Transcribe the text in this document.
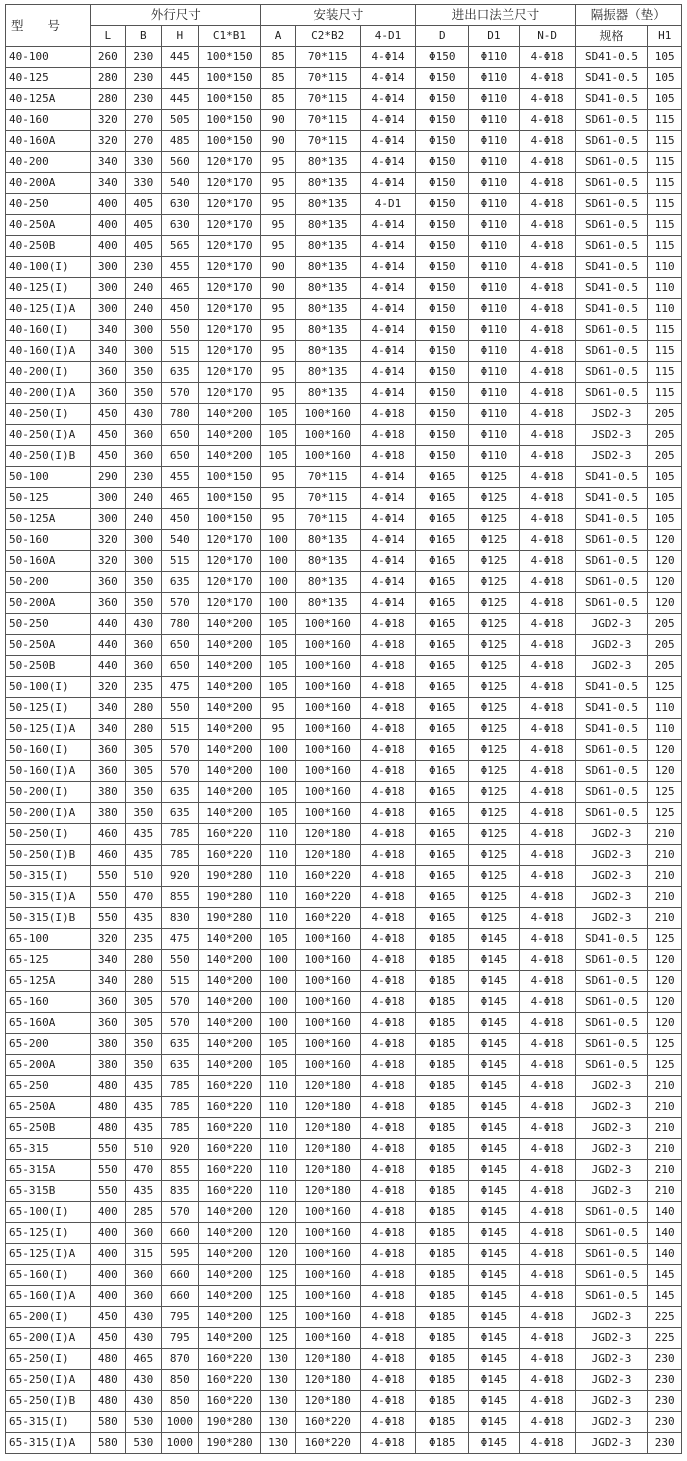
型 号	外行尺寸				安装尺寸			进出口法兰尺寸			隔振器（垫）	
	L	B	H	C1*B1	A	C2*B2	4-D1	D	D1	N-D	规格	H1
40-100	260	230	445	100*150	85	70*115	4-Φ14	Φ150	Φ110	4-Φ18	SD41-0.5	105
40-125	280	230	445	100*150	85	70*115	4-Φ14	Φ150	Φ110	4-Φ18	SD41-0.5	105
40-125A	280	230	445	100*150	85	70*115	4-Φ14	Φ150	Φ110	4-Φ18	SD41-0.5	105
40-160	320	270	505	100*150	90	70*115	4-Φ14	Φ150	Φ110	4-Φ18	SD61-0.5	115
40-160A	320	270	485	100*150	90	70*115	4-Φ14	Φ150	Φ110	4-Φ18	SD61-0.5	115
40-200	340	330	560	120*170	95	80*135	4-Φ14	Φ150	Φ110	4-Φ18	SD61-0.5	115
40-200A	340	330	540	120*170	95	80*135	4-Φ14	Φ150	Φ110	4-Φ18	SD61-0.5	115
40-250	400	405	630	120*170	95	80*135	4-D1	Φ150	Φ110	4-Φ18	SD61-0.5	115
40-250A	400	405	630	120*170	95	80*135	4-Φ14	Φ150	Φ110	4-Φ18	SD61-0.5	115
40-250B	400	405	565	120*170	95	80*135	4-Φ14	Φ150	Φ110	4-Φ18	SD61-0.5	115
40-100(I)	300	230	455	120*170	90	80*135	4-Φ14	Φ150	Φ110	4-Φ18	SD41-0.5	110
40-125(I)	300	240	465	120*170	90	80*135	4-Φ14	Φ150	Φ110	4-Φ18	SD41-0.5	110
40-125(I)A	300	240	450	120*170	95	80*135	4-Φ14	Φ150	Φ110	4-Φ18	SD41-0.5	110
40-160(I)	340	300	550	120*170	95	80*135	4-Φ14	Φ150	Φ110	4-Φ18	SD61-0.5	115
40-160(I)A	340	300	515	120*170	95	80*135	4-Φ14	Φ150	Φ110	4-Φ18	SD61-0.5	115
40-200(I)	360	350	635	120*170	95	80*135	4-Φ14	Φ150	Φ110	4-Φ18	SD61-0.5	115
40-200(I)A	360	350	570	120*170	95	80*135	4-Φ14	Φ150	Φ110	4-Φ18	SD61-0.5	115
40-250(I)	450	430	780	140*200	105	100*160	4-Φ18	Φ150	Φ110	4-Φ18	JSD2-3	205
40-250(I)A	450	360	650	140*200	105	100*160	4-Φ18	Φ150	Φ110	4-Φ18	JSD2-3	205
40-250(I)B	450	360	650	140*200	105	100*160	4-Φ18	Φ150	Φ110	4-Φ18	JSD2-3	205
50-100	290	230	455	100*150	95	70*115	4-Φ14	Φ165	Φ125	4-Φ18	SD41-0.5	105
50-125	300	240	465	100*150	95	70*115	4-Φ14	Φ165	Φ125	4-Φ18	SD41-0.5	105
50-125A	300	240	450	100*150	95	70*115	4-Φ14	Φ165	Φ125	4-Φ18	SD41-0.5	105
50-160	320	300	540	120*170	100	80*135	4-Φ14	Φ165	Φ125	4-Φ18	SD61-0.5	120
50-160A	320	300	515	120*170	100	80*135	4-Φ14	Φ165	Φ125	4-Φ18	SD61-0.5	120
50-200	360	350	635	120*170	100	80*135	4-Φ14	Φ165	Φ125	4-Φ18	SD61-0.5	120
50-200A	360	350	570	120*170	100	80*135	4-Φ14	Φ165	Φ125	4-Φ18	SD61-0.5	120
50-250	440	430	780	140*200	105	100*160	4-Φ18	Φ165	Φ125	4-Φ18	JGD2-3	205
50-250A	440	360	650	140*200	105	100*160	4-Φ18	Φ165	Φ125	4-Φ18	JGD2-3	205
50-250B	440	360	650	140*200	105	100*160	4-Φ18	Φ165	Φ125	4-Φ18	JGD2-3	205
50-100(I)	320	235	475	140*200	105	100*160	4-Φ18	Φ165	Φ125	4-Φ18	SD41-0.5	125
50-125(I)	340	280	550	140*200	95	100*160	4-Φ18	Φ165	Φ125	4-Φ18	SD41-0.5	110
50-125(I)A	340	280	515	140*200	95	100*160	4-Φ18	Φ165	Φ125	4-Φ18	SD41-0.5	110
50-160(I)	360	305	570	140*200	100	100*160	4-Φ18	Φ165	Φ125	4-Φ18	SD61-0.5	120
50-160(I)A	360	305	570	140*200	100	100*160	4-Φ18	Φ165	Φ125	4-Φ18	SD61-0.5	120
50-200(I)	380	350	635	140*200	105	100*160	4-Φ18	Φ165	Φ125	4-Φ18	SD61-0.5	125
50-200(I)A	380	350	635	140*200	105	100*160	4-Φ18	Φ165	Φ125	4-Φ18	SD61-0.5	125
50-250(I)	460	435	785	160*220	110	120*180	4-Φ18	Φ165	Φ125	4-Φ18	JGD2-3	210
50-250(I)B	460	435	785	160*220	110	120*180	4-Φ18	Φ165	Φ125	4-Φ18	JGD2-3	210
50-315(I)	550	510	920	190*280	110	160*220	4-Φ18	Φ165	Φ125	4-Φ18	JGD2-3	210
50-315(I)A	550	470	855	190*280	110	160*220	4-Φ18	Φ165	Φ125	4-Φ18	JGD2-3	210
50-315(I)B	550	435	830	190*280	110	160*220	4-Φ18	Φ165	Φ125	4-Φ18	JGD2-3	210
65-100	320	235	475	140*200	105	100*160	4-Φ18	Φ185	Φ145	4-Φ18	SD41-0.5	125
65-125	340	280	550	140*200	100	100*160	4-Φ18	Φ185	Φ145	4-Φ18	SD61-0.5	120
65-125A	340	280	515	140*200	100	100*160	4-Φ18	Φ185	Φ145	4-Φ18	SD61-0.5	120
65-160	360	305	570	140*200	100	100*160	4-Φ18	Φ185	Φ145	4-Φ18	SD61-0.5	120
65-160A	360	305	570	140*200	100	100*160	4-Φ18	Φ185	Φ145	4-Φ18	SD61-0.5	120
65-200	380	350	635	140*200	105	100*160	4-Φ18	Φ185	Φ145	4-Φ18	SD61-0.5	125
65-200A	380	350	635	140*200	105	100*160	4-Φ18	Φ185	Φ145	4-Φ18	SD61-0.5	125
65-250	480	435	785	160*220	110	120*180	4-Φ18	Φ185	Φ145	4-Φ18	JGD2-3	210
65-250A	480	435	785	160*220	110	120*180	4-Φ18	Φ185	Φ145	4-Φ18	JGD2-3	210
65-250B	480	435	785	160*220	110	120*180	4-Φ18	Φ185	Φ145	4-Φ18	JGD2-3	210
65-315	550	510	920	160*220	110	120*180	4-Φ18	Φ185	Φ145	4-Φ18	JGD2-3	210
65-315A	550	470	855	160*220	110	120*180	4-Φ18	Φ185	Φ145	4-Φ18	JGD2-3	210
65-315B	550	435	835	160*220	110	120*180	4-Φ18	Φ185	Φ145	4-Φ18	JGD2-3	210
65-100(I)	400	285	570	140*200	120	100*160	4-Φ18	Φ185	Φ145	4-Φ18	SD61-0.5	140
65-125(I)	400	360	660	140*200	120	100*160	4-Φ18	Φ185	Φ145	4-Φ18	SD61-0.5	140
65-125(I)A	400	315	595	140*200	120	100*160	4-Φ18	Φ185	Φ145	4-Φ18	SD61-0.5	140
65-160(I)	400	360	660	140*200	125	100*160	4-Φ18	Φ185	Φ145	4-Φ18	SD61-0.5	145
65-160(I)A	400	360	660	140*200	125	100*160	4-Φ18	Φ185	Φ145	4-Φ18	SD61-0.5	145
65-200(I)	450	430	795	140*200	125	100*160	4-Φ18	Φ185	Φ145	4-Φ18	JGD2-3	225
65-200(I)A	450	430	795	140*200	125	100*160	4-Φ18	Φ185	Φ145	4-Φ18	JGD2-3	225
65-250(I)	480	465	870	160*220	130	120*180	4-Φ18	Φ185	Φ145	4-Φ18	JGD2-3	230
65-250(I)A	480	430	850	160*220	130	120*180	4-Φ18	Φ185	Φ145	4-Φ18	JGD2-3	230
65-250(I)B	480	430	850	160*220	130	120*180	4-Φ18	Φ185	Φ145	4-Φ18	JGD2-3	230
65-315(I)	580	530	1000	190*280	130	160*220	4-Φ18	Φ185	Φ145	4-Φ18	JGD2-3	230
65-315(I)A	580	530	1000	190*280	130	160*220	4-Φ18	Φ185	Φ145	4-Φ18	JGD2-3	230
